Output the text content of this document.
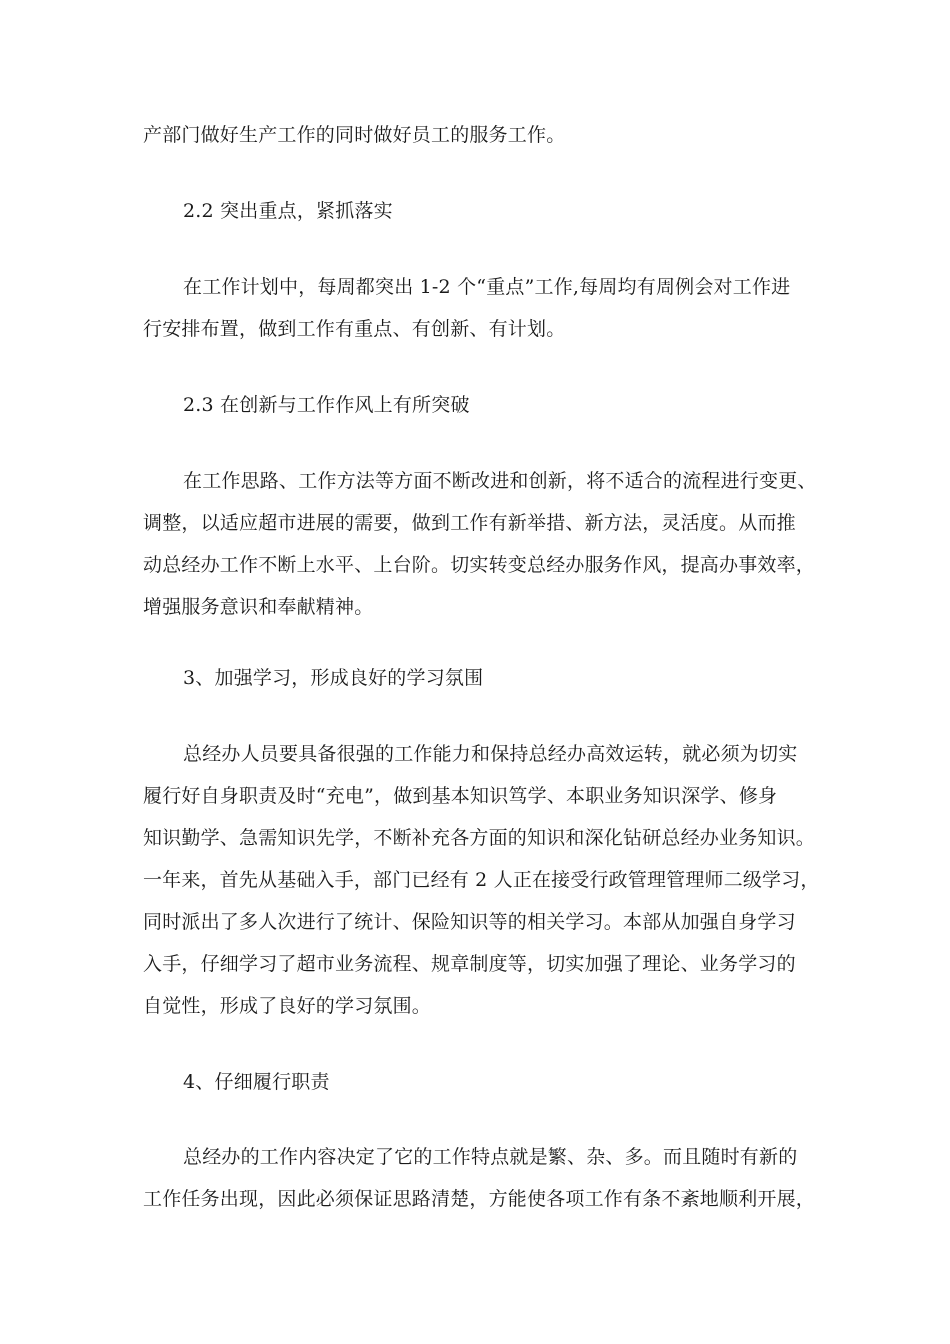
产部门做好生产工作的同时做好员工的服务工作。
2.2 突出重点，紧抓落实
在工作计划中，每周都突出 1-2 个“重点”工作,每周均有周例会对工作进
行安排布置，做到工作有重点、有创新、有计划。
2.3 在创新与工作作风上有所突破
在工作思路、工作方法等方面不断改进和创新，将不适合的流程进行变更、
调整，以适应超市进展的需要，做到工作有新举措、新方法，灵活度。从而推
动总经办工作不断上水平、上台阶。切实转变总经办服务作风，提高办事效率，
增强服务意识和奉献精神。
3、加强学习，形成良好的学习氛围
总经办人员要具备很强的工作能力和保持总经办高效运转，就必须为切实
履行好自身职责及时“充电”，做到基本知识笃学、本职业务知识深学、修身
知识勤学、急需知识先学，不断补充各方面的知识和深化钻研总经办业务知识。
一年来，首先从基础入手，部门已经有 2 人正在接受行政管理管理师二级学习，
同时派出了多人次进行了统计、保险知识等的相关学习。本部从加强自身学习
入手，仔细学习了超市业务流程、规章制度等，切实加强了理论、业务学习的
自觉性，形成了良好的学习氛围。
4、仔细履行职责
总经办的工作内容决定了它的工作特点就是繁、杂、多。而且随时有新的
工作任务出现，因此必须保证思路清楚，方能使各项工作有条不紊地顺利开展，
